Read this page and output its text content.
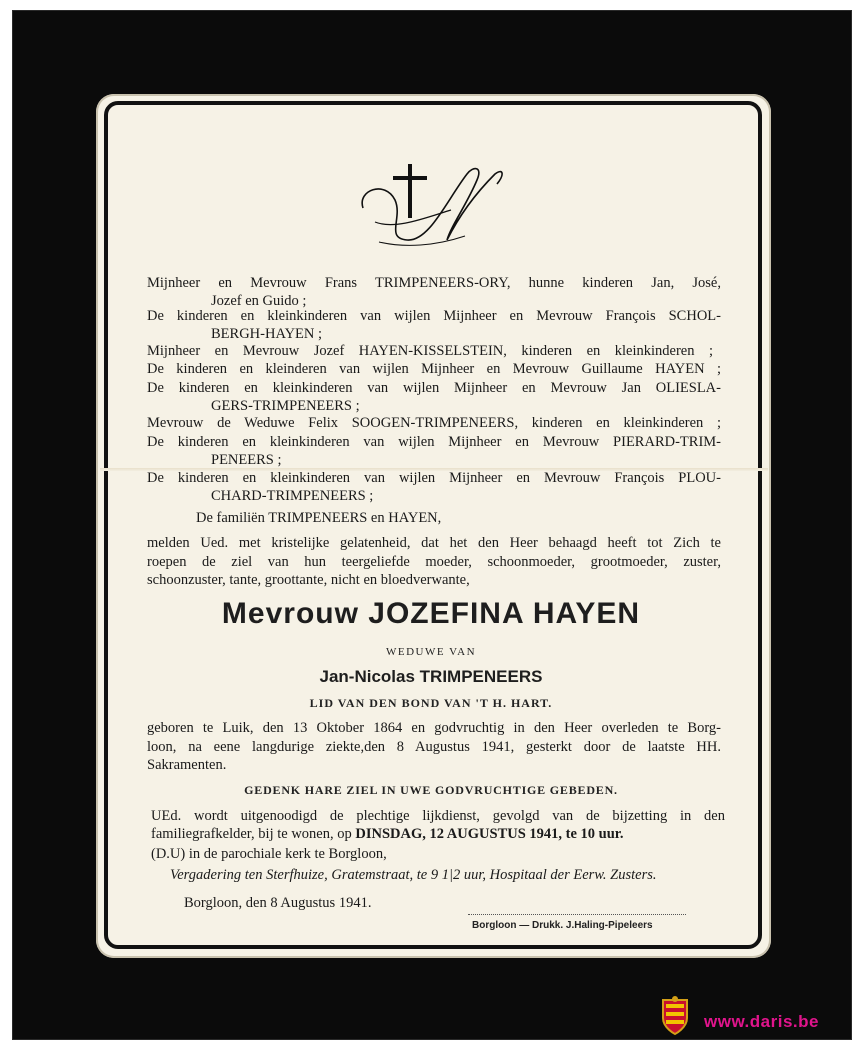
Mijnheer en Mevrouw Frans TRIMPENEERS-ORY, hunne kinderen Jan, José,
Jozef en Guido ;
De kinderen en kleinkinderen van wijlen Mijnheer en Mevrouw François SCHOL-
BERGH-HAYEN ;
Mijnheer en Mevrouw Jozef HAYEN-KISSELSTEIN, kinderen en kleinkinderen ;
De kinderen en kleinderen van wijlen Mijnheer en Mevrouw Guillaume HAYEN ;
De kinderen en kleinkinderen van wijlen Mijnheer en Mevrouw Jan OLIESLA-
GERS-TRIMPENEERS ;
Mevrouw de Weduwe Felix SOOGEN-TRIMPENEERS, kinderen en kleinkinderen ;
De kinderen en kleinkinderen van wijlen Mijnheer en Mevrouw PIERARD-TRIM-
PENEERS ;
De kinderen en kleinkinderen van wijlen Mijnheer en Mevrouw François PLOU-
CHARD-TRIMPENEERS ;
De familiën TRIMPENEERS en HAYEN,
melden Ued. met kristelijke gelatenheid, dat het den Heer behaagd heeft tot Zich te
roepen de ziel van hun teergeliefde moeder, schoonmoeder, grootmoeder, zuster,
schoonzuster, tante, groottante, nicht en bloedverwante,
Mevrouw JOZEFINA HAYEN
WEDUWE VAN
Jan-Nicolas TRIMPENEERS
LID VAN DEN BOND VAN 'T H. HART.
geboren te Luik, den 13 Oktober 1864 en godvruchtig in den Heer overleden te Borg-
loon, na eene langdurige ziekte,den 8 Augustus 1941, gesterkt door de laatste HH.
Sakramenten.
GEDENK HARE ZIEL IN UWE GODVRUCHTIGE GEBEDEN.
UEd. wordt uitgenoodigd de plechtige lijkdienst, gevolgd van de bijzetting in den
familiegrafkelder, bij te wonen, op DINSDAG, 12 AUGUSTUS 1941, te 10 uur.
(D.U) in de parochiale kerk te Borgloon,
Vergadering ten Sterfhuize, Gratemstraat, te 9 1|2 uur, Hospitaal der Eerw. Zusters.
Borgloon, den 8 Augustus 1941.
Borgloon — Drukk. J.Haling-Pipeleers
www.daris.be
